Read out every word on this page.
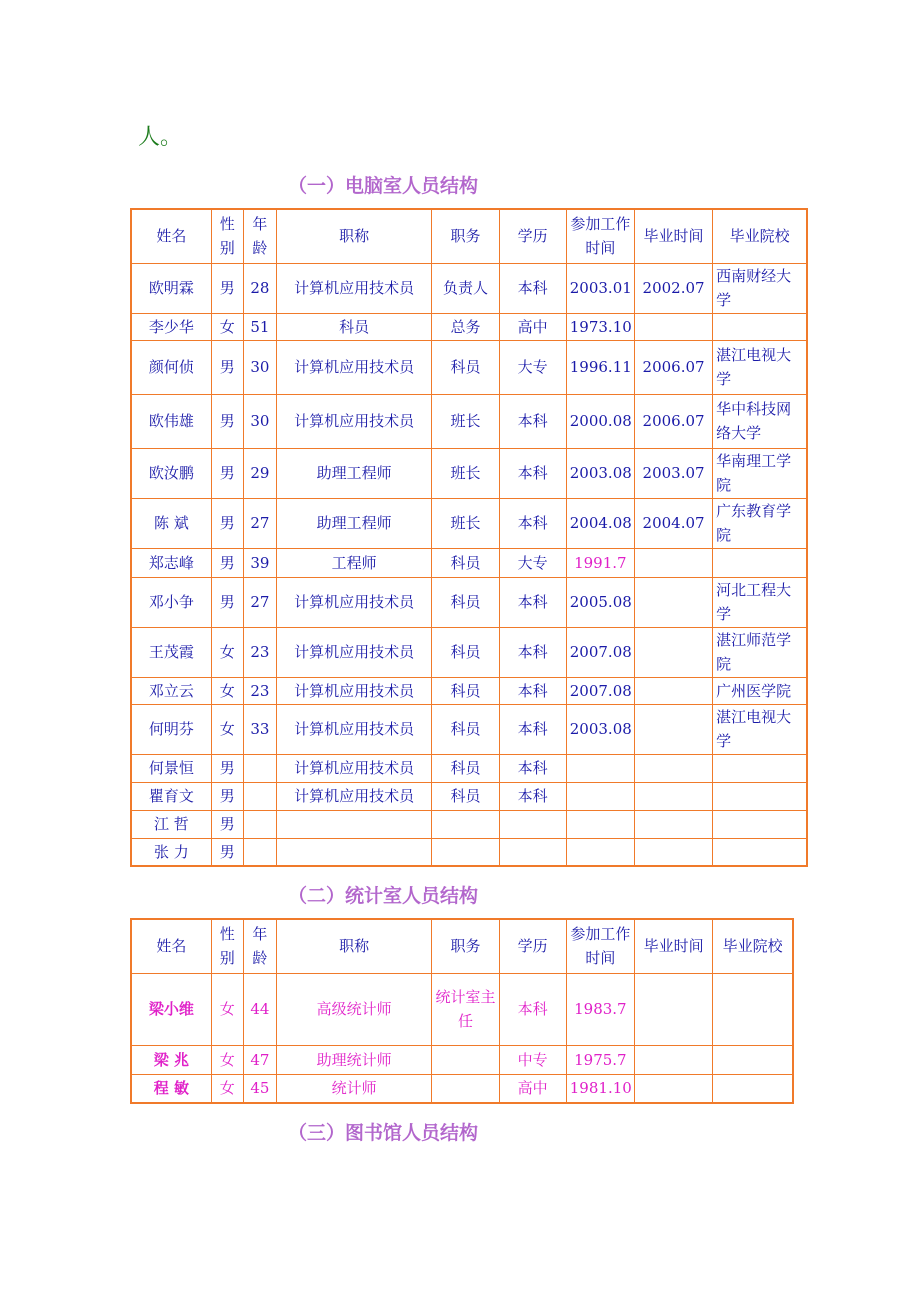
人。
（一）电脑室人员结构
姓名	性别	年龄	职称	职务	学历	参加工作时间	毕业时间	毕业院校
欧明霖	男	28	计算机应用技术员	负责人	本科	2003.01	2002.07	西南财经大学
李少华	女	51	科员	总务	高中	1973.10		
颜何侦	男	30	计算机应用技术员	科员	大专	1996.11	2006.07	湛江电视大学
欧伟雄	男	30	计算机应用技术员	班长	本科	2000.08	2006.07	华中科技网络大学
欧汝鹏	男	29	助理工程师	班长	本科	2003.08	2003.07	华南理工学院
陈 斌	男	27	助理工程师	班长	本科	2004.08	2004.07	广东教育学院
郑志峰	男	39	工程师	科员	大专	1991.7		
邓小争	男	27	计算机应用技术员	科员	本科	2005.08		河北工程大学
王茂霞	女	23	计算机应用技术员	科员	本科	2007.08		湛江师范学院
邓立云	女	23	计算机应用技术员	科员	本科	2007.08		广州医学院
何明芬	女	33	计算机应用技术员	科员	本科	2003.08		湛江电视大学
何景恒	男		计算机应用技术员	科员	本科			
瞿育文	男		计算机应用技术员	科员	本科			
江 哲	男							
张 力	男							
（二）统计室人员结构
姓名	性别	年龄	职称	职务	学历	参加工作时间	毕业时间	毕业院校
梁小维	女	44	高级统计师	统计室主任	本科	1983.7		
梁 兆	女	47	助理统计师		中专	1975.7		
程 敏	女	45	统计师		高中	1981.10		
（三）图书馆人员结构
